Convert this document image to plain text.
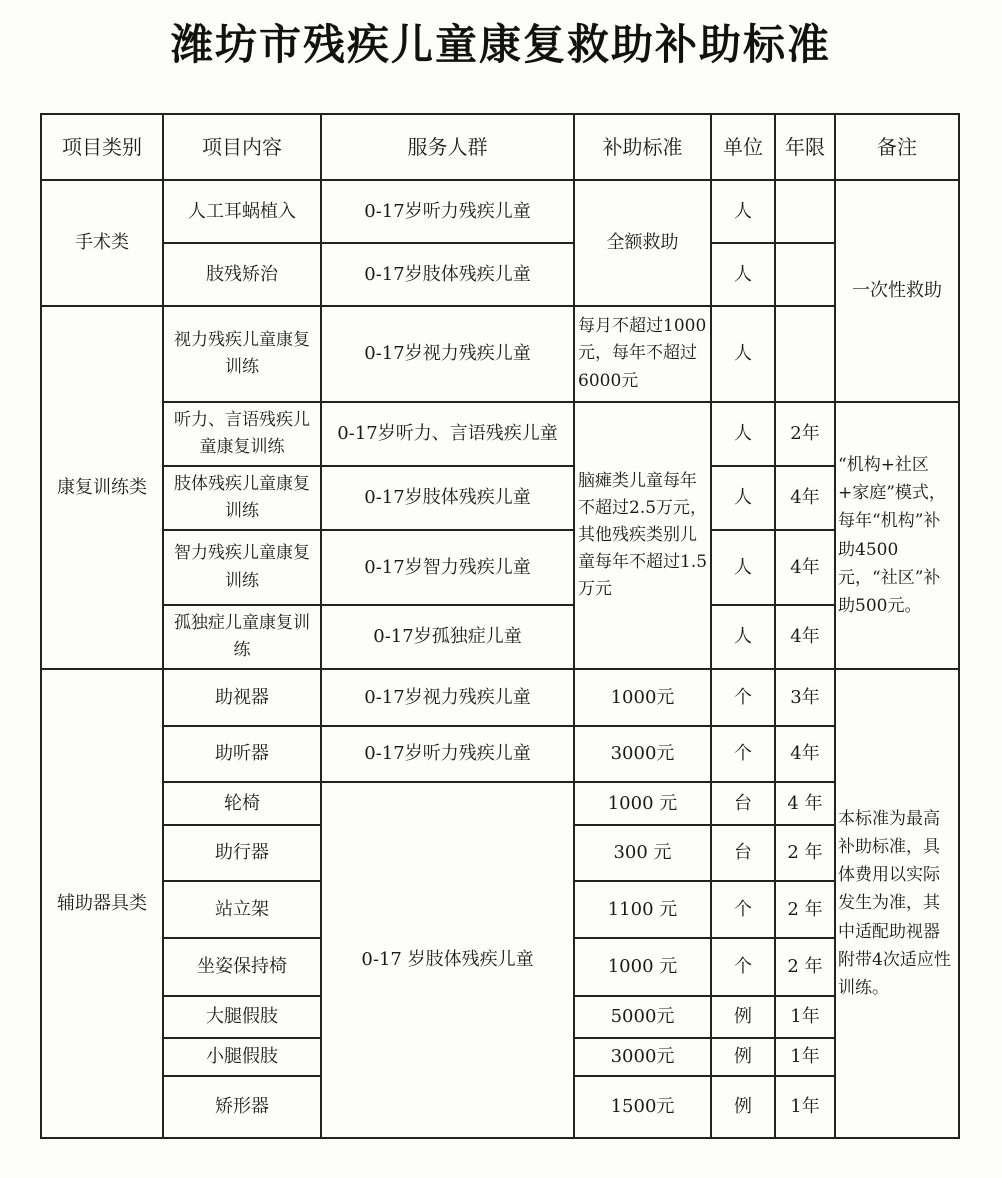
潍坊市残疾儿童康复救助补助标准
项目类别	项目内容	服务人群	补助标准	单位	年限	备注
手术类	人工耳蜗植入	0-17岁听力残疾儿童	全额救助	人		一次性救助
	肢残矫治	0-17岁肢体残疾儿童		人		
康复训练类	视力残疾儿童康复训练	0-17岁视力残疾儿童	每月不超过1000元，每年不超过6000元	人		
	听力、言语残疾儿童康复训练	0-17岁听力、言语残疾儿童	脑瘫类儿童每年不超过2.5万元，其他残疾类别儿童每年不超过1.5万元	人	2年	“机构+社区+家庭”模式，每年“机构”补助4500元，“社区”补助500元。
	肢体残疾儿童康复训练	0-17岁肢体残疾儿童		人	4年	
	智力残疾儿童康复训练	0-17岁智力残疾儿童		人	4年	
	孤独症儿童康复训练	0-17岁孤独症儿童		人	4年	
辅助器具类	助视器	0-17岁视力残疾儿童	1000元	个	3年	本标准为最高补助标准，具体费用以实际发生为准，其中适配助视器附带4次适应性训练。
	助听器	0-17岁听力残疾儿童	3000元	个	4年	
	轮椅	0-17 岁肢体残疾儿童	1000 元	台	4 年	
	助行器		300 元	台	2 年	
	站立架		1100 元	个	2 年	
	坐姿保持椅		1000 元	个	2 年	
	大腿假肢		5000元	例	1年	
	小腿假肢		3000元	例	1年	
	矫形器		1500元	例	1年	
